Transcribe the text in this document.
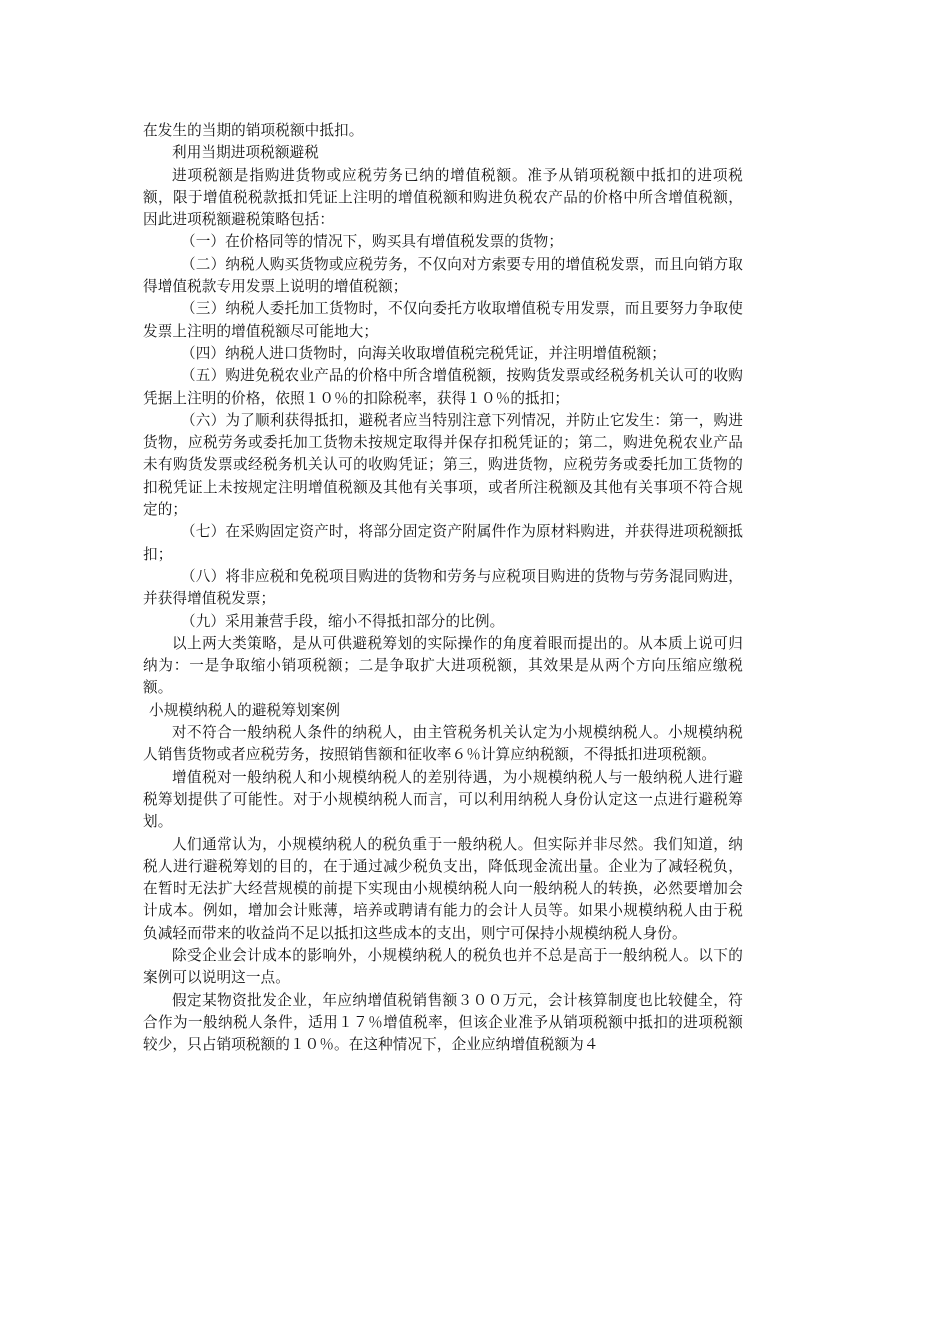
在发生的当期的销项税额中抵扣。

利用当期进项税额避税

进项税额是指购进货物或应税劳务已纳的增值税额。准予从销项税额中抵扣的进项税额，限于增值税税款抵扣凭证上注明的增值税额和购进负税农产品的价格中所含增值税额，因此进项税额避税策略包括：

（一）在价格同等的情况下，购买具有增值税发票的货物；

（二）纳税人购买货物或应税劳务，不仅向对方索要专用的增值税发票，而且向销方取得增值税款专用发票上说明的增值税额；

（三）纳税人委托加工货物时，不仅向委托方收取增值税专用发票，而且要努力争取使发票上注明的增值税额尽可能地大；

（四）纳税人进口货物时，向海关收取增值税完税凭证，并注明增值税额；

（五）购进免税农业产品的价格中所含增值税额，按购货发票或经税务机关认可的收购凭据上注明的价格，依照１０％的扣除税率，获得１０％的抵扣；

（六）为了顺利获得抵扣，避税者应当特别注意下列情况，并防止它发生：第一，购进货物，应税劳务或委托加工货物未按规定取得并保存扣税凭证的；第二，购进免税农业产品未有购货发票或经税务机关认可的收购凭证；第三，购进货物，应税劳务或委托加工货物的扣税凭证上未按规定注明增值税额及其他有关事项，或者所注税额及其他有关事项不符合规定的；

（七）在采购固定资产时，将部分固定资产附属件作为原材料购进，并获得进项税额抵扣；

（八）将非应税和免税项目购进的货物和劳务与应税项目购进的货物与劳务混同购进，并获得增值税发票；

（九）采用兼营手段，缩小不得抵扣部分的比例。

以上两大类策略，是从可供避税筹划的实际操作的角度着眼而提出的。从本质上说可归纳为：一是争取缩小销项税额；二是争取扩大进项税额，其效果是从两个方向压缩应缴税额。

小规模纳税人的避税筹划案例

对不符合一般纳税人条件的纳税人，由主管税务机关认定为小规模纳税人。小规模纳税人销售货物或者应税劳务，按照销售额和征收率６％计算应纳税额，不得抵扣进项税额。

增值税对一般纳税人和小规模纳税人的差别待遇，为小规模纳税人与一般纳税人进行避税筹划提供了可能性。对于小规模纳税人而言，可以利用纳税人身份认定这一点进行避税筹划。

人们通常认为，小规模纳税人的税负重于一般纳税人。但实际并非尽然。我们知道，纳税人进行避税筹划的目的，在于通过减少税负支出，降低现金流出量。企业为了减轻税负，在暂时无法扩大经营规模的前提下实现由小规模纳税人向一般纳税人的转换，必然要增加会计成本。例如，增加会计账薄，培养或聘请有能力的会计人员等。如果小规模纳税人由于税负减轻而带来的收益尚不足以抵扣这些成本的支出，则宁可保持小规模纳税人身份。

除受企业会计成本的影响外，小规模纳税人的税负也并不总是高于一般纳税人。以下的案例可以说明这一点。

假定某物资批发企业，年应纳增值税销售额３００万元，会计核算制度也比较健全，符合作为一般纳税人条件，适用１７％增值税率，但该企业准予从销项税额中抵扣的进项税额较少，只占销项税额的１０％。在这种情况下，企业应纳增值税额为４
